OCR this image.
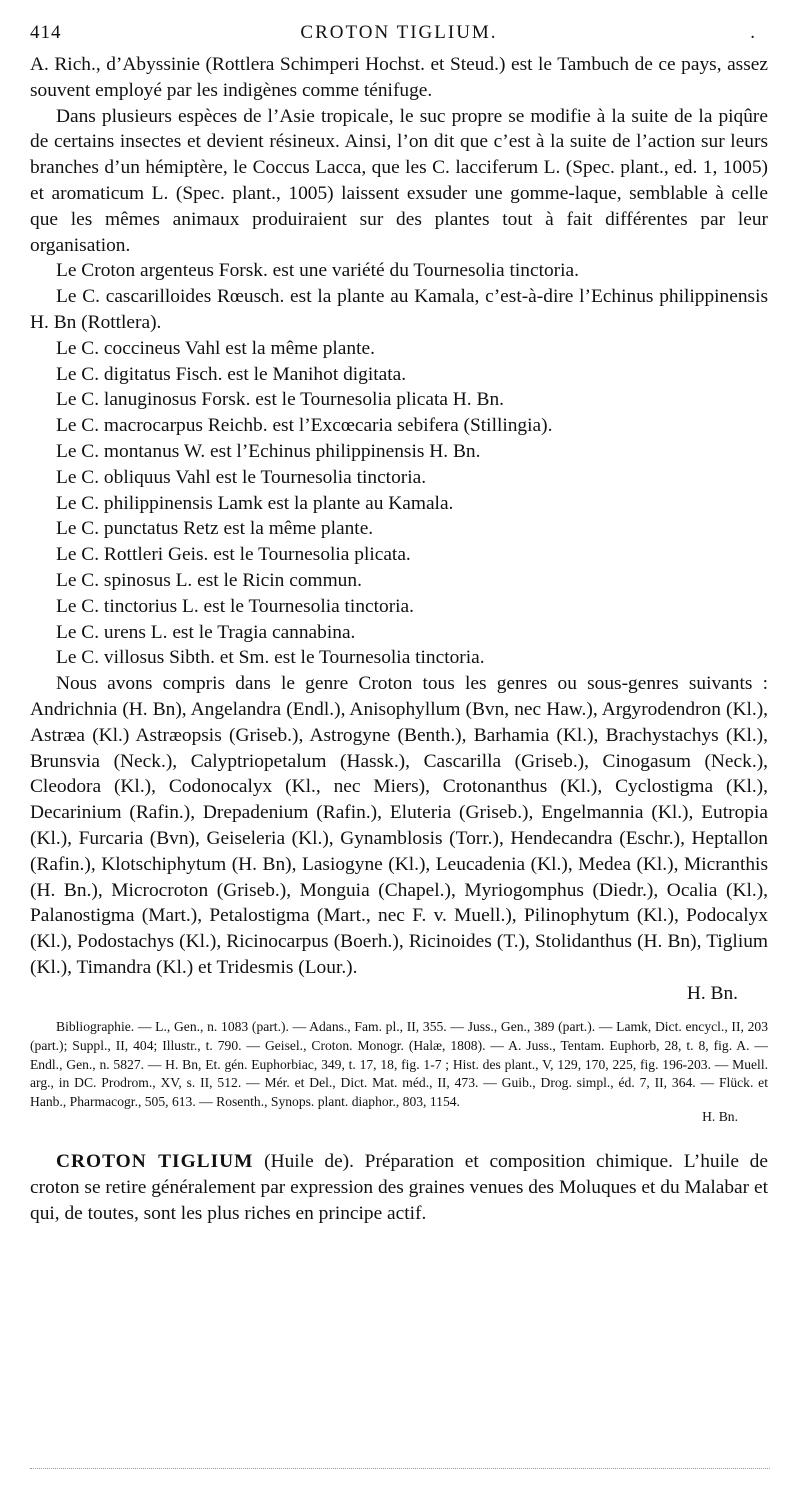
414	CROTON TIGLIUM.	.

A. Rich., d’Abyssinie (Rottlera Schimperi Hochst. et Steud.) est le Tambuch de ce pays, assez souvent employé par les indigènes comme ténifuge.

Dans plusieurs espèces de l’Asie tropicale, le suc propre se modifie à la suite de la piqûre de certains insectes et devient résineux. Ainsi, l’on dit que c’est à la suite de l’action sur leurs branches d’un hémiptère, le Coccus Lacca, que les C. lacciferum L. (Spec. plant., ed. 1, 1005) et aromaticum L. (Spec. plant., 1005) laissent exsuder une gomme-laque, semblable à celle que les mêmes animaux produiraient sur des plantes tout à fait différentes par leur organisation.

Le Croton argenteus Forsk. est une variété du Tournesolia tinctoria.

Le C. cascarilloides Rœusch. est la plante au Kamala, c’est-à-dire l’Echinus philippinensis H. Bn (Rottlera).

Le C. coccineus Vahl est la même plante.

Le C. digitatus Fisch. est le Manihot digitata.

Le C. lanuginosus Forsk. est le Tournesolia plicata H. Bn.

Le C. macrocarpus Reichb. est l’Excœcaria sebifera (Stillingia).

Le C. montanus W. est l’Echinus philippinensis H. Bn.

Le C. obliquus Vahl est le Tournesolia tinctoria.

Le C. philippinensis Lamk est la plante au Kamala.

Le C. punctatus Retz est la même plante.

Le C. Rottleri Geis. est le Tournesolia plicata.

Le C. spinosus L. est le Ricin commun.

Le C. tinctorius L. est le Tournesolia tinctoria.

Le C. urens L. est le Tragia cannabina.

Le C. villosus Sibth. et Sm. est le Tournesolia tinctoria.

Nous avons compris dans le genre Croton tous les genres ou sous-genres suivants : Andrichnia (H. Bn), Angelandra (Endl.), Anisophyllum (Bvn, nec Haw.), Argyrodendron (Kl.), Astræa (Kl.) Astræopsis (Griseb.), Astrogyne (Benth.), Barhamia (Kl.), Brachystachys (Kl.), Brunsvia (Neck.), Calyptriopetalum (Hassk.), Cascarilla (Griseb.), Cinogasum (Neck.), Cleodora (Kl.), Codonocalyx (Kl., nec Miers), Crotonanthus (Kl.), Cyclostigma (Kl.), Decarinium (Rafin.), Drepadenium (Rafin.), Eluteria (Griseb.), Engelmannia (Kl.), Eutropia (Kl.), Furcaria (Bvn), Geiseleria (Kl.), Gynamblosis (Torr.), Hendecandra (Eschr.), Heptallon (Rafin.), Klotschiphytum (H. Bn), Lasiogyne (Kl.), Leucadenia (Kl.), Medea (Kl.), Micranthis (H. Bn.), Microcroton (Griseb.), Monguia (Chapel.), Myriogomphus (Diedr.), Ocalia (Kl.), Palanostigma (Mart.), Petalostigma (Mart., nec F. v. Muell.), Pilinophytum (Kl.), Podocalyx (Kl.), Podostachys (Kl.), Ricinocarpus (Boerh.), Ricinoides (T.), Stolidanthus (H. Bn), Tiglium (Kl.), Timandra (Kl.) et Tridesmis (Lour.).

H. Bn.

Bibliographie. — L., Gen., n. 1083 (part.). — Adans., Fam. pl., II, 355. — Juss., Gen., 389 (part.). — Lamk, Dict. encycl., II, 203 (part.); Suppl., II, 404; Illustr., t. 790. — Geisel., Croton. Monogr. (Halæ, 1808). — A. Juss., Tentam. Euphorb, 28, t. 8, fig. A. — Endl., Gen., n. 5827. — H. Bn, Et. gén. Euphorbiac, 349, t. 17, 18, fig. 1-7 ; Hist. des plant., V, 129, 170, 225, fig. 196-203. — Muell. arg., in DC. Prodrom., XV, s. II, 512. — Mér. et Del., Dict. Mat. méd., II, 473. — Guib., Drog. simpl., éd. 7, II, 364. — Flück. et Hanb., Pharmacogr., 505, 613. — Rosenth., Synops. plant. diaphor., 803, 1154.

H. Bn.

CROTON TIGLIUM (Huile de). Préparation et composition chimique. L’huile de croton se retire généralement par expression des graines venues des Moluques et du Malabar et qui, de toutes, sont les plus riches en principe actif.
